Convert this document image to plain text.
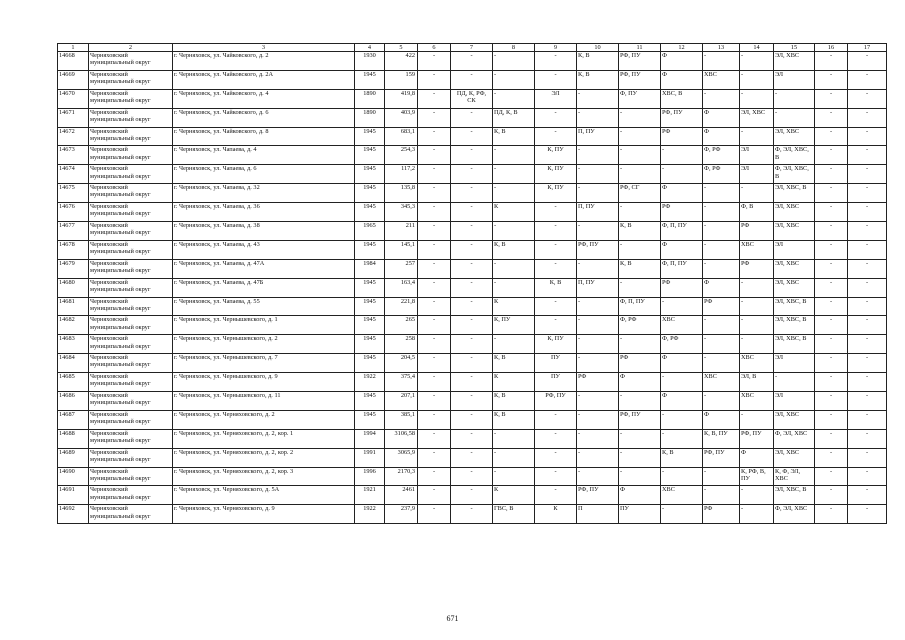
1	2	3	4	5	6	7	8	9	10	11	12	13	14	15	16	17
14668	Черняховский муниципальный округ	г. Черняховск, ул. Чайковского, д. 2	1930	422	-	-	-	-	К, В	РФ, ПУ	Ф	-	-	ЭЛ, ХВС	-	-
14669	Черняховский муниципальный округ	г. Черняховск, ул. Чайковского, д. 2А	1945	159	-	-	-	-	К, В	РФ, ПУ	Ф	ХВС	-	ЭЛ	-	-
14670	Черняховский муниципальный округ	г. Черняховск, ул. Чайковского, д. 4	1890	419,8	-	ПД, К, РФ, СК	-	ЭЛ	-	Ф, ПУ	ХВС, В	-	-	-	-	-
14671	Черняховский муниципальный округ	г. Черняховск, ул. Чайковского, д. 6	1890	403,9	-	-	ПД, К, В	-	-	-	РФ, ПУ	Ф	ЭЛ, ХВС	-	-	-
14672	Черняховский муниципальный округ	г. Черняховск, ул. Чайковского, д. 8	1945	683,1	-	-	К, В	-	П, ПУ	-	РФ	Ф	-	ЭЛ, ХВС	-	-
14673	Черняховский муниципальный округ	г. Черняховск, ул. Чапаева, д. 4	1945	254,3	-	-	-	К, ПУ	-	-	-	Ф, РФ	ЭЛ	Ф, ЭЛ, ХВС, В	-	-
14674	Черняховский муниципальный округ	г. Черняховск, ул. Чапаева, д. 6	1945	117,2	-	-	-	К, ПУ	-	-	-	Ф, РФ	ЭЛ	Ф, ЭЛ, ХВС, В	-	-
14675	Черняховский муниципальный округ	г. Черняховск, ул. Чапаева, д. 32	1945	135,8	-	-	-	К, ПУ	-	РФ, СГ	Ф	-	-	ЭЛ, ХВС, В	-	-
14676	Черняховский муниципальный округ	г. Черняховск, ул. Чапаева, д. 36	1945	345,3	-	-	К	-	П, ПУ	-	РФ	-	Ф, В	ЭЛ, ХВС	-	-
14677	Черняховский муниципальный округ	г. Черняховск, ул. Чапаева, д. 38	1965	211	-	-	-	-	-	К, В	Ф, П, ПУ	-	РФ	ЭЛ, ХВС	-	-
14678	Черняховский муниципальный округ	г. Черняховск, ул. Чапаева, д. 43	1945	145,1	-	-	К, В	-	РФ, ПУ	-	Ф	-	ХВС	ЭЛ	-	-
14679	Черняховский муниципальный округ	г. Черняховск, ул. Чапаева, д. 47А	1984	257	-	-	-	-	-	К, В	Ф, П, ПУ	-	РФ	ЭЛ, ХВС	-	-
14680	Черняховский муниципальный округ	г. Черняховск, ул. Чапаева, д. 47Б	1945	163,4	-	-	-	К, В	П, ПУ	-	РФ	Ф	-	ЭЛ, ХВС	-	-
14681	Черняховский муниципальный округ	г. Черняховск, ул. Чапаева, д. 55	1945	221,8	-	-	К	-	-	Ф, П, ПУ	-	РФ	-	ЭЛ, ХВС, В	-	-
14682	Черняховский муниципальный округ	г. Черняховск, ул. Чернышевского, д. 1	1945	265	-	-	К, ПУ	-	-	Ф, РФ	ХВС	-	-	ЭЛ, ХВС, В	-	-
14683	Черняховский муниципальный округ	г. Черняховск, ул. Чернышевского, д. 2	1945	258	-	-	-	К, ПУ	-	-	Ф, РФ	-	-	ЭЛ, ХВС, В	-	-
14684	Черняховский муниципальный округ	г. Черняховск, ул. Чернышевского, д. 7	1945	204,5	-	-	К, В	ПУ	-	РФ	Ф	-	ХВС	ЭЛ	-	-
14685	Черняховский муниципальный округ	г. Черняховск, ул. Чернышевского, д. 9	1922	375,4	-	-	К	ПУ	РФ	Ф	-	ХВС	ЭЛ, В	-	-	-
14686	Черняховский муниципальный округ	г. Черняховск, ул. Чернышевского, д. 11	1945	207,1	-	-	К, В	РФ, ПУ	-	-	Ф	-	ХВС	ЭЛ	-	-
14687	Черняховский муниципальный округ	г. Черняховск, ул. Черняховского, д. 2	1945	385,1	-	-	К, В	-	-	РФ, ПУ	-	Ф	-	ЭЛ, ХВС	-	-
14688	Черняховский муниципальный округ	г. Черняховск, ул. Черняховского, д. 2, кор. 1	1994	3106,58	-	-	-	-	-	-	-	К, В, ПУ	РФ, ПУ	Ф, ЭЛ, ХВС	-	-
14689	Черняховский муниципальный округ	г. Черняховск, ул. Черняховского, д. 2, кор. 2	1991	3065,9	-	-	-	-	-	-	К, В	РФ, ПУ	Ф	ЭЛ, ХВС	-	-
14690	Черняховский муниципальный округ	г. Черняховск, ул. Черняховского, д. 2, кор. 3	1996	2170,3	-	-	-	-	-	-	-	-	К, РФ, В, ПУ	К, Ф, ЭЛ, ХВС	-	-
14691	Черняховский муниципальный округ	г. Черняховск, ул. Черняховского, д. 5А	1921	2461	-	-	К	-	РФ, ПУ	Ф	ХВС	-	-	ЭЛ, ХВС, В	-	-
14692	Черняховский муниципальный округ	г. Черняховск, ул. Черняховского, д. 9	1922	237,9	-	-	ГВС, В	К	П	ПУ	-	РФ	-	Ф, ЭЛ, ХВС	-	-
671
